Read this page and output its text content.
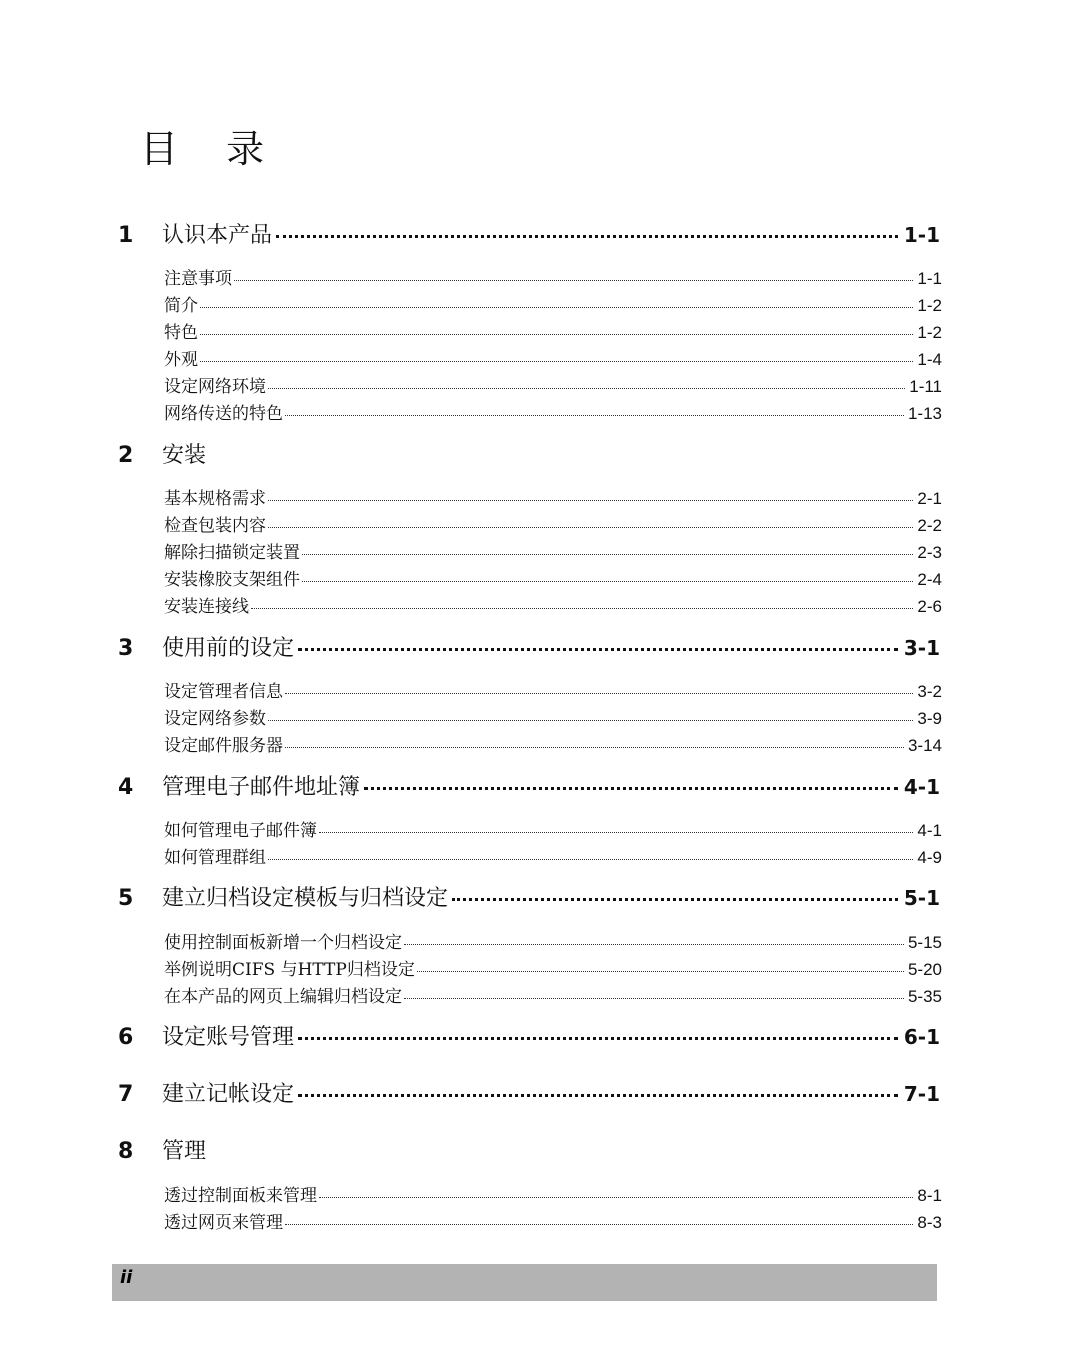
目 录
1	认识本产品	1-1
注意事项	1-1
简介	1-2
特色	1-2
外观	1-4
设定网络环境	1-11
网络传送的特色	1-13
2	安装
基本规格需求	2-1
检查包装内容	2-2
解除扫描锁定装置	2-3
安装橡胶支架组件	2-4
安装连接线	2-6
3	使用前的设定	3-1
设定管理者信息	3-2
设定网络参数	3-9
设定邮件服务器	3-14
4	管理电子邮件地址簿	4-1
如何管理电子邮件簿	4-1
如何管理群组	4-9
5	建立归档设定模板与归档设定	5-1
使用控制面板新增一个归档设定	5-15
举例说明CIFS 与HTTP归档设定	5-20
在本产品的网页上编辑归档设定	5-35
6	设定账号管理	6-1
7	建立记帐设定	7-1
8	管理
透过控制面板来管理	8-1
透过网页来管理	8-3
ii
